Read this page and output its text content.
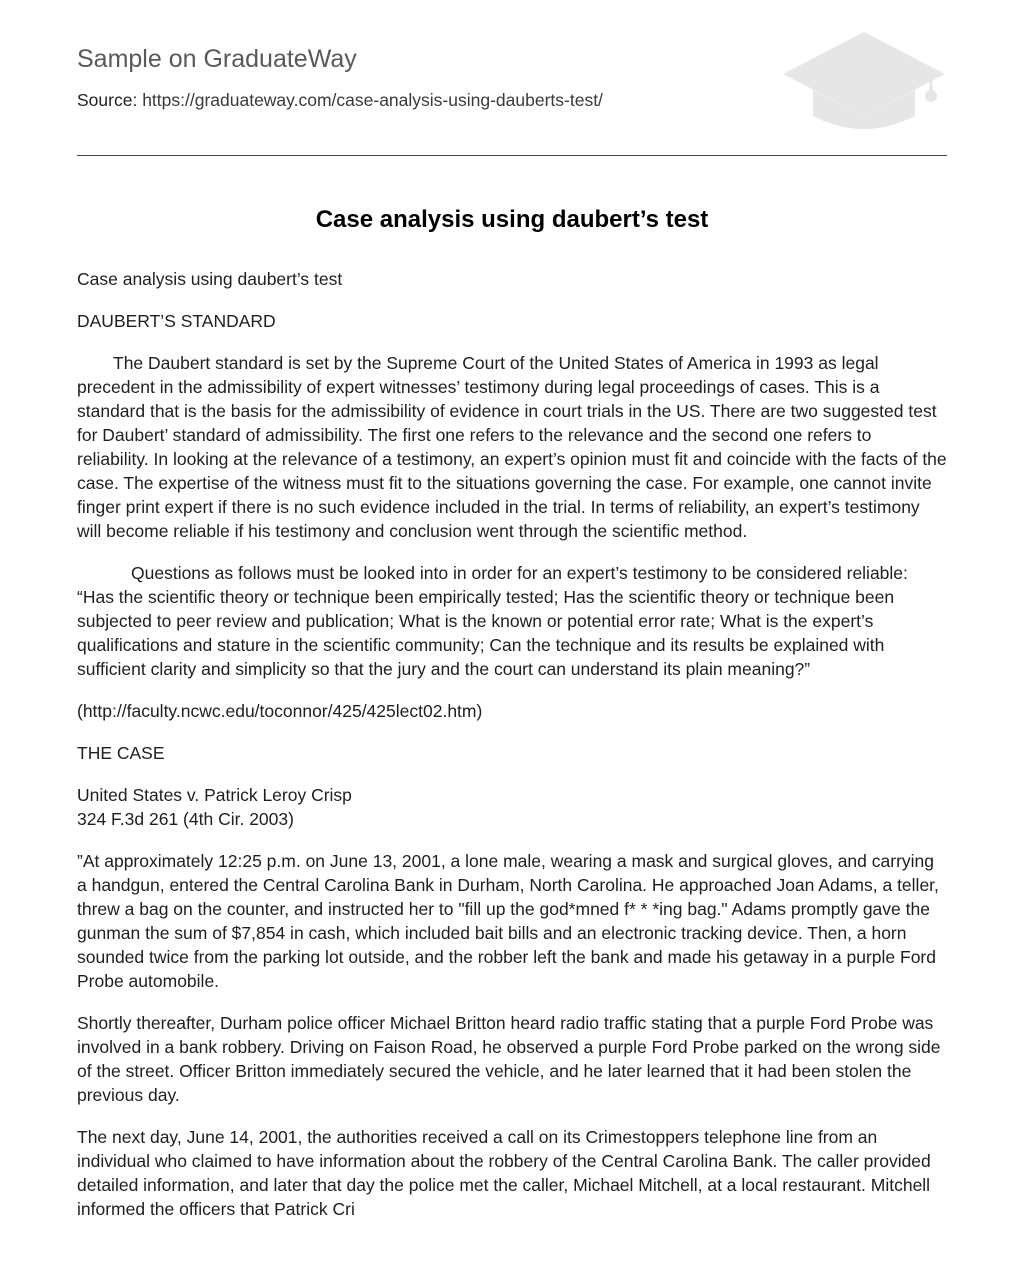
Sample on GraduateWay
Source: https://graduateway.com/case-analysis-using-dauberts-test/
Case analysis using daubert’s test

Case analysis using daubert’s test

DAUBERT’S STANDARD

The Daubert standard is set by the Supreme Court of the United States of America in 1993 as legal precedent in the admissibility of expert witnesses’ testimony during legal proceedings of cases. This is a standard that is the basis for the admissibility of evidence in court trials in the US. There are two suggested test for Daubert’ standard of admissibility. The first one refers to the relevance and the second one refers to reliability. In looking at the relevance of a testimony, an expert’s opinion must fit and coincide with the facts of the case. The expertise of the witness must fit to the situations governing the case. For example, one cannot invite finger print expert if there is no such evidence included in the trial. In terms of reliability, an expert’s testimony will become reliable if his testimony and conclusion went through the scientific method.

Questions as follows must be looked into in order for an expert’s testimony to be considered reliable: “Has the scientific theory or technique been empirically tested; Has the scientific theory or technique been subjected to peer review and publication; What is the known or potential error rate; What is the expert’s qualifications and stature in the scientific community; Can the technique and its results be explained with sufficient clarity and simplicity so that the jury and the court can understand its plain meaning?”

(http://faculty.ncwc.edu/toconnor/425/425lect02.htm)

THE CASE

United States v. Patrick Leroy Crisp
324 F.3d 261 (4th Cir. 2003)

”At approximately 12:25 p.m. on June 13, 2001, a lone male, wearing a mask and surgical gloves, and carrying a handgun, entered the Central Carolina Bank in Durham, North Carolina. He approached Joan Adams, a teller, threw a bag on the counter, and instructed her to "fill up the god*mned f* * *ing bag." Adams promptly gave the gunman the sum of $7,854 in cash, which included bait bills and an electronic tracking device. Then, a horn sounded twice from the parking lot outside, and the robber left the bank and made his getaway in a purple Ford Probe automobile.

Shortly thereafter, Durham police officer Michael Britton heard radio traffic stating that a purple Ford Probe was involved in a bank robbery. Driving on Faison Road, he observed a purple Ford Probe parked on the wrong side of the street. Officer Britton immediately secured the vehicle, and he later learned that it had been stolen the previous day.

The next day, June 14, 2001, the authorities received a call on its Crimestoppers telephone line from an individual who claimed to have information about the robbery of the Central Carolina Bank. The caller provided detailed information, and later that day the police met the caller, Michael Mitchell, at a local restaurant. Mitchell informed the officers that Patrick Cri
